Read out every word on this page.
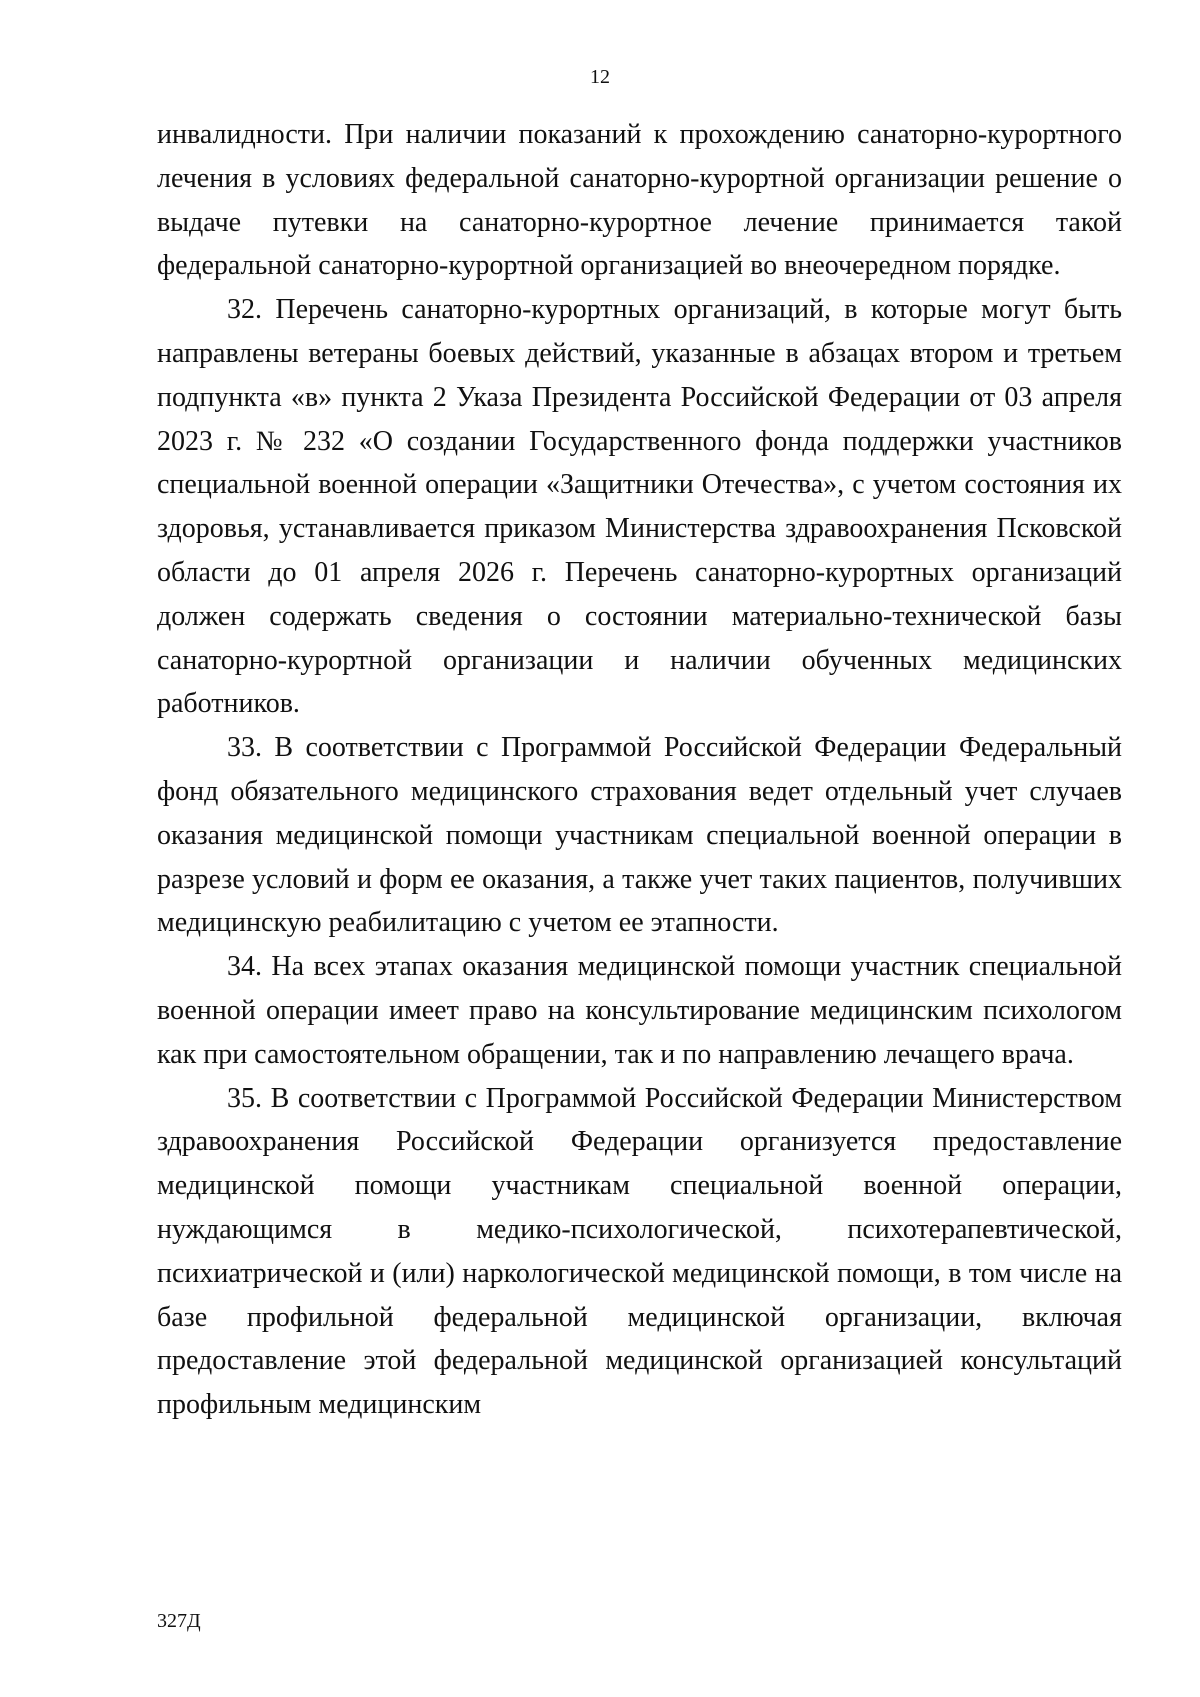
12

инвалидности. При наличии показаний к прохождению санаторно-курортного лечения в условиях федеральной санаторно-курортной организации решение о выдаче путевки на санаторно-курортное лечение принимается такой федеральной санаторно-курортной организацией во внеочередном порядке.

32. Перечень санаторно-курортных организаций, в которые могут быть направлены ветераны боевых действий, указанные в абзацах втором и третьем подпункта «в» пункта 2 Указа Президента Российской Федерации от 03 апреля 2023 г. № 232 «О создании Государственного фонда поддержки участников специальной военной операции «Защитники Отечества», с учетом состояния их здоровья, устанавливается приказом Министерства здравоохранения Псковской области до 01 апреля 2026 г. Перечень санаторно-курортных организаций должен содержать сведения о состоянии материально-технической базы санаторно-курортной организации и наличии обученных медицинских работников.

33. В соответствии с Программой Российской Федерации Федеральный фонд обязательного медицинского страхования ведет отдельный учет случаев оказания медицинской помощи участникам специальной военной операции в разрезе условий и форм ее оказания, а также учет таких пациентов, получивших медицинскую реабилитацию с учетом ее этапности.

34. На всех этапах оказания медицинской помощи участник специальной военной операции имеет право на консультирование медицинским психологом как при самостоятельном обращении, так и по направлению лечащего врача.

35. В соответствии с Программой Российской Федерации Министерством здравоохранения Российской Федерации организуется предоставление медицинской помощи участникам специальной военной операции, нуждающимся в медико-психологической, психотерапевтической, психиатрической и (или) наркологической медицинской помощи, в том числе на базе профильной федеральной медицинской организации, включая предоставление этой федеральной медицинской организацией консультаций профильным медицинским

327Д
